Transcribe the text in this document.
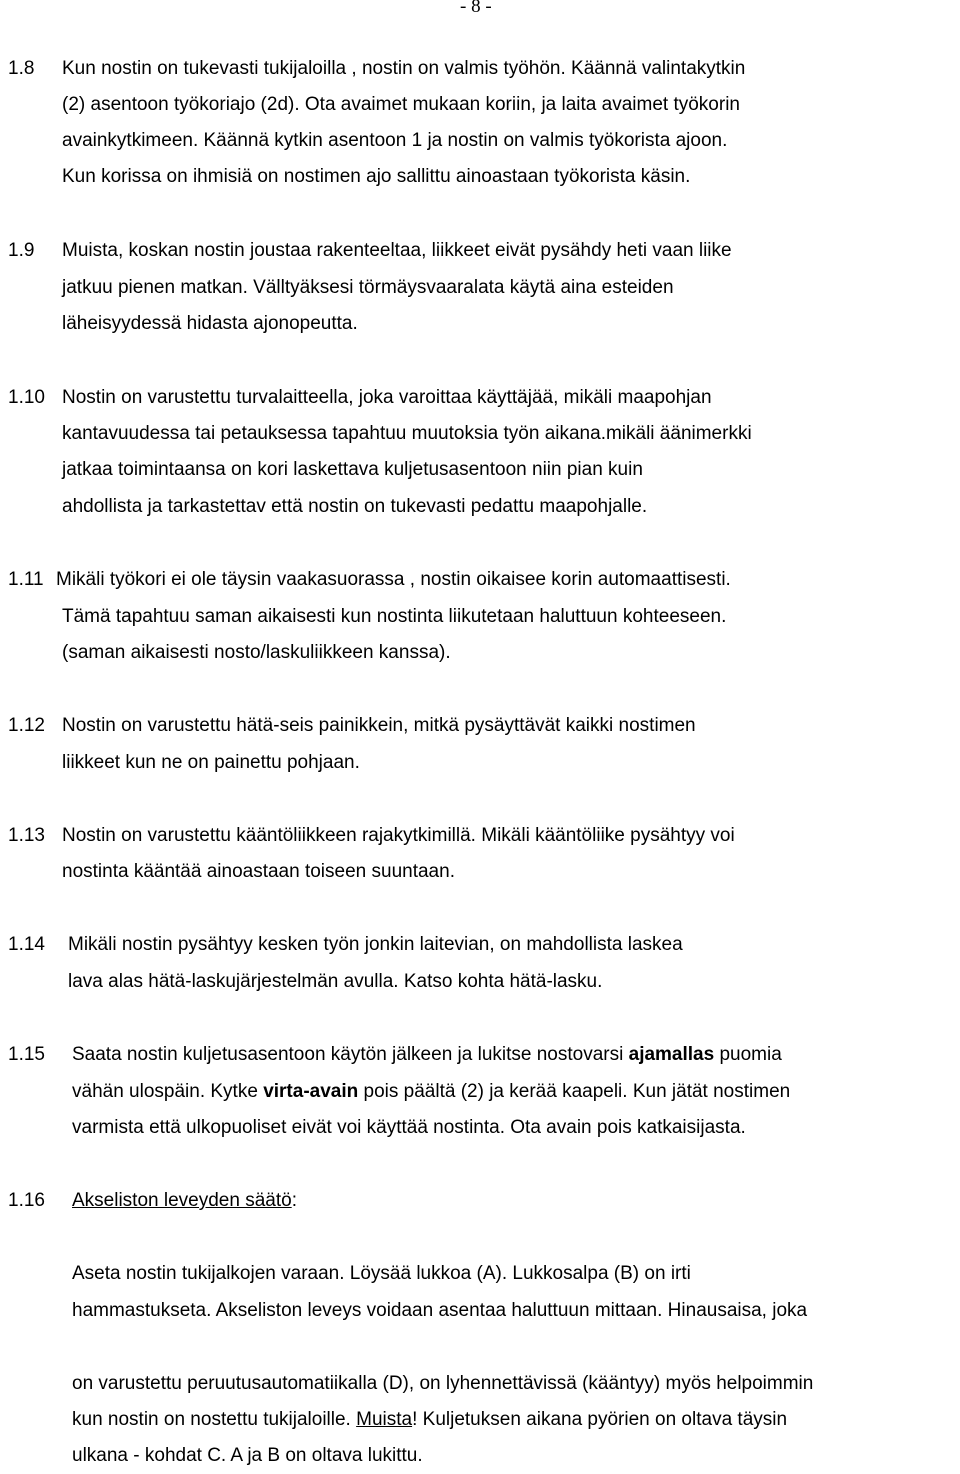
- 8 -
1.8 Kun nostin on tukevasti tukijaloilla , nostin on valmis työhön. Käännä valintakytkin
(2) asentoon työkoriajo (2d). Ota avaimet mukaan koriin, ja laita avaimet työkorin
avainkytkimeen. Käännä kytkin asentoon 1 ja nostin on valmis työkorista ajoon.
Kun korissa on ihmisiä on nostimen ajo sallittu ainoastaan työkorista käsin.
1.9 Muista, koskan nostin joustaa rakenteeltaa, liikkeet eivät pysähdy heti vaan liike
jatkuu pienen matkan. Välltyäksesi törmäysvaaralata käytä aina esteiden
läheisyydessä hidasta ajonopeutta.
1.10 Nostin on varustettu turvalaitteella, joka varoittaa käyttäjää, mikäli maapohjan
kantavuudessa tai petauksessa tapahtuu muutoksia työn aikana.mikäli äänimerkki
jatkaa toimintaansa on kori laskettava kuljetusasentoon niin pian kuin
ahdollista ja tarkastettav että nostin on tukevasti pedattu maapohjalle.
1.11 Mikäli työkori ei ole täysin vaakasuorassa , nostin oikaisee korin automaattisesti.
Tämä tapahtuu saman aikaisesti kun nostinta liikutetaan haluttuun kohteeseen.
(saman aikaisesti nosto/laskuliikkeen kanssa).
1.12 Nostin on varustettu hätä-seis painikkein, mitkä pysäyttävät kaikki nostimen
liikkeet kun ne on painettu pohjaan.
1.13 Nostin on varustettu kääntöliikkeen rajakytkimillä. Mikäli kääntöliike pysähtyy voi
nostinta kääntää ainoastaan toiseen suuntaan.
1.14 Mikäli nostin pysähtyy kesken työn jonkin laitevian, on mahdollista laskea
lava alas hätä-laskujärjestelmän avulla. Katso kohta hätä-lasku.
1.15 Saata nostin kuljetusasentoon käytön jälkeen ja lukitse nostovarsi ajamallas puomia
vähän ulospäin. Kytke virta-avain pois päältä (2) ja kerää kaapeli. Kun jätät nostimen
varmista että ulkopuoliset eivät voi käyttää nostinta. Ota avain pois katkaisijasta.
1.16 Akseliston leveyden säätö:
Aseta nostin tukijalkojen varaan. Löysää lukkoa (A). Lukkosalpa (B) on irti
hammastukseta. Akseliston leveys voidaan asentaa haluttuun mittaan. Hinausaisa, joka
on varustettu peruutusautomatiikalla (D), on lyhennettävissä (kääntyy) myös helpoimmin
kun nostin on nostettu tukijaloille. Muista! Kuljetuksen aikana pyörien on oltava täysin
ulkana - kohdat C. A ja B on oltava lukittu.
